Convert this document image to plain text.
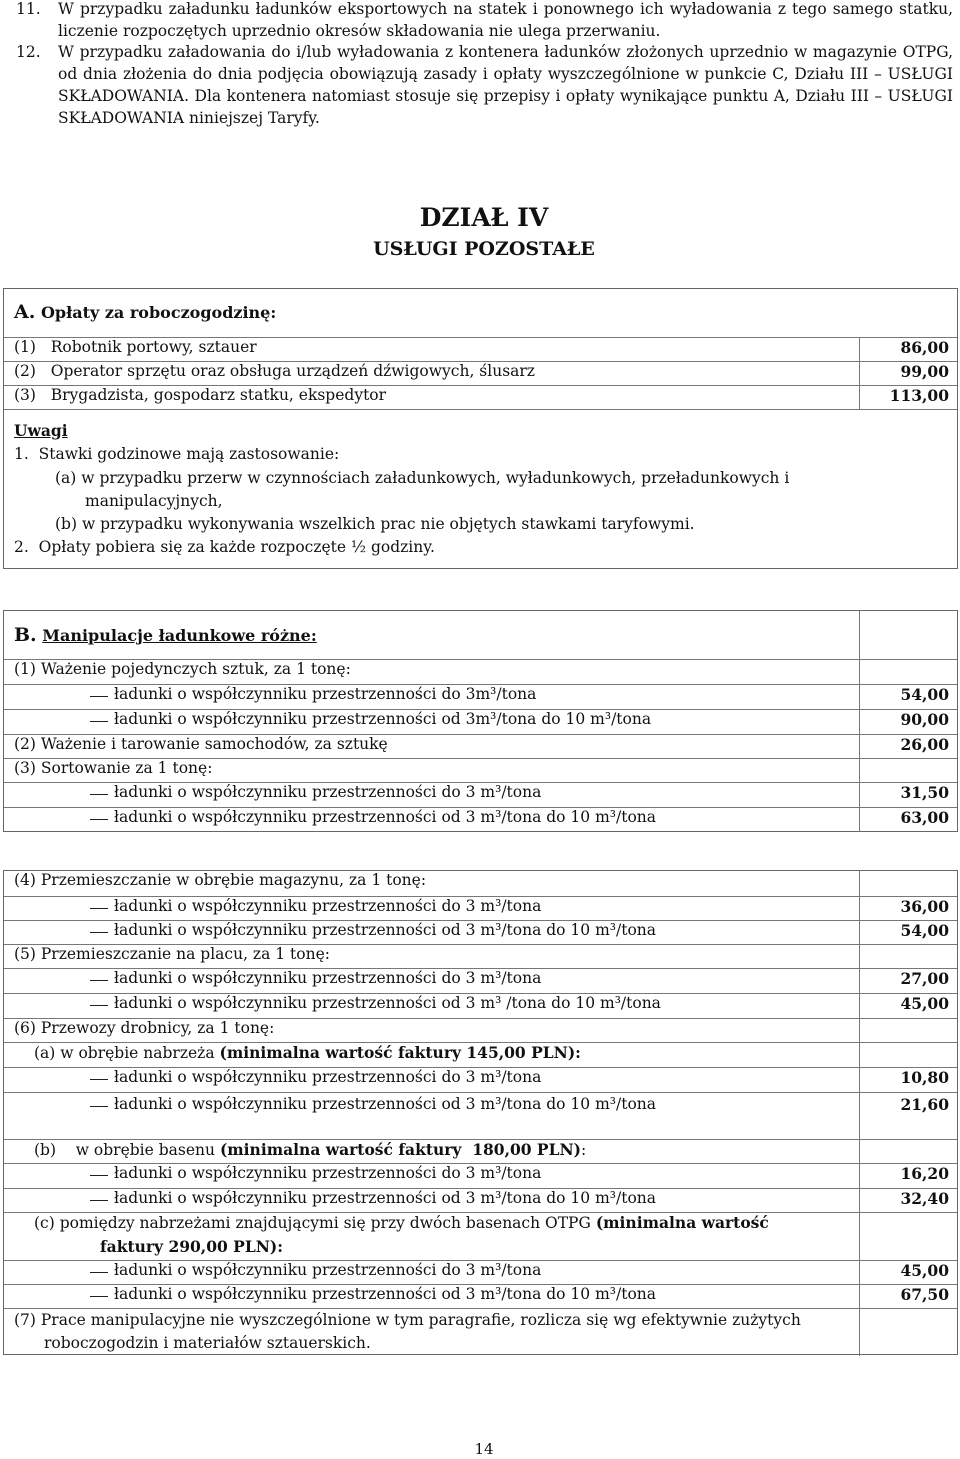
11. W przypadku załadunku ładunków eksportowych na statek i ponownego ich wyładowania z tego samego statku, liczenie rozpoczętych uprzednio okresów składowania nie ulega przerwaniu.
12. W przypadku załadowania do i/lub wyładowania z kontenera ładunków złożonych uprzednio w magazynie OTPG, od dnia złożenia do dnia podjęcia obowiązują zasady i opłaty wyszczególnione w punkcie C, Działu III – USŁUGI SKŁADOWANIA. Dla kontenera natomiast stosuje się przepisy i opłaty wynikające punktu A, Działu III – USŁUGI SKŁADOWANIA niniejszej Taryfy.
DZIAŁ IV
USŁUGI POZOSTAŁE
A. Opłaty za roboczogodzinę:
(1)   Robotnik portowy, sztauer	86,00
(2)   Operator sprzętu oraz obsługa urządzeń dźwigowych, ślusarz	99,00
(3)   Brygadzista, gospodarz statku, ekspedytor	113,00
Uwagi
1.  Stawki godzinowe mają zastosowanie:
(a) w przypadku przerw w czynnościach załadunkowych, wyładunkowych, przeładunkowych i
manipulacyjnych,
(b) w przypadku wykonywania wszelkich prac nie objętych stawkami taryfowymi.
2.  Opłaty pobiera się za każde rozpoczęte ½ godziny.
B. Manipulacje ładunkowe różne:
(1) Ważenie pojedynczych sztuk, za 1 tonę:
ładunki o współczynniku przestrzenności do 3m³/tona	54,00
ładunki o współczynniku przestrzenności od 3m³/tona do 10 m³/tona	90,00
(2) Ważenie i tarowanie samochodów, za sztukę	26,00
(3) Sortowanie za 1 tonę:
ładunki o współczynniku przestrzenności do 3 m³/tona	31,50
ładunki o współczynniku przestrzenności od 3 m³/tona do 10 m³/tona	63,00
(4) Przemieszczanie w obrębie magazynu, za 1 tonę:
ładunki o współczynniku przestrzenności do 3 m³/tona	36,00
ładunki o współczynniku przestrzenności od 3 m³/tona do 10 m³/tona	54,00
(5) Przemieszczanie na placu, za 1 tonę:
ładunki o współczynniku przestrzenności do 3 m³/tona	27,00
ładunki o współczynniku przestrzenności od 3 m³ /tona do 10 m³/tona	45,00
(6) Przewozy drobnicy, za 1 tonę:
(a) w obrębie nabrzeża (minimalna wartość faktury 145,00 PLN):
ładunki o współczynniku przestrzenności do 3 m³/tona	10,80
ładunki o współczynniku przestrzenności od 3 m³/tona do 10 m³/tona	21,60
(b)    w obrębie basenu (minimalna wartość faktury  180,00 PLN):
ładunki o współczynniku przestrzenności do 3 m³/tona	16,20
ładunki o współczynniku przestrzenności od 3 m³/tona do 10 m³/tona	32,40
(c) pomiędzy nabrzeżami znajdującymi się przy dwóch basenach OTPG (minimalna wartość
faktury 290,00 PLN):
ładunki o współczynniku przestrzenności do 3 m³/tona	45,00
ładunki o współczynniku przestrzenności od 3 m³/tona do 10 m³/tona	67,50
(7) Prace manipulacyjne nie wyszczególnione w tym paragrafie, rozlicza się wg efektywnie zużytych
roboczogodzin i materiałów sztauerskich.
14
